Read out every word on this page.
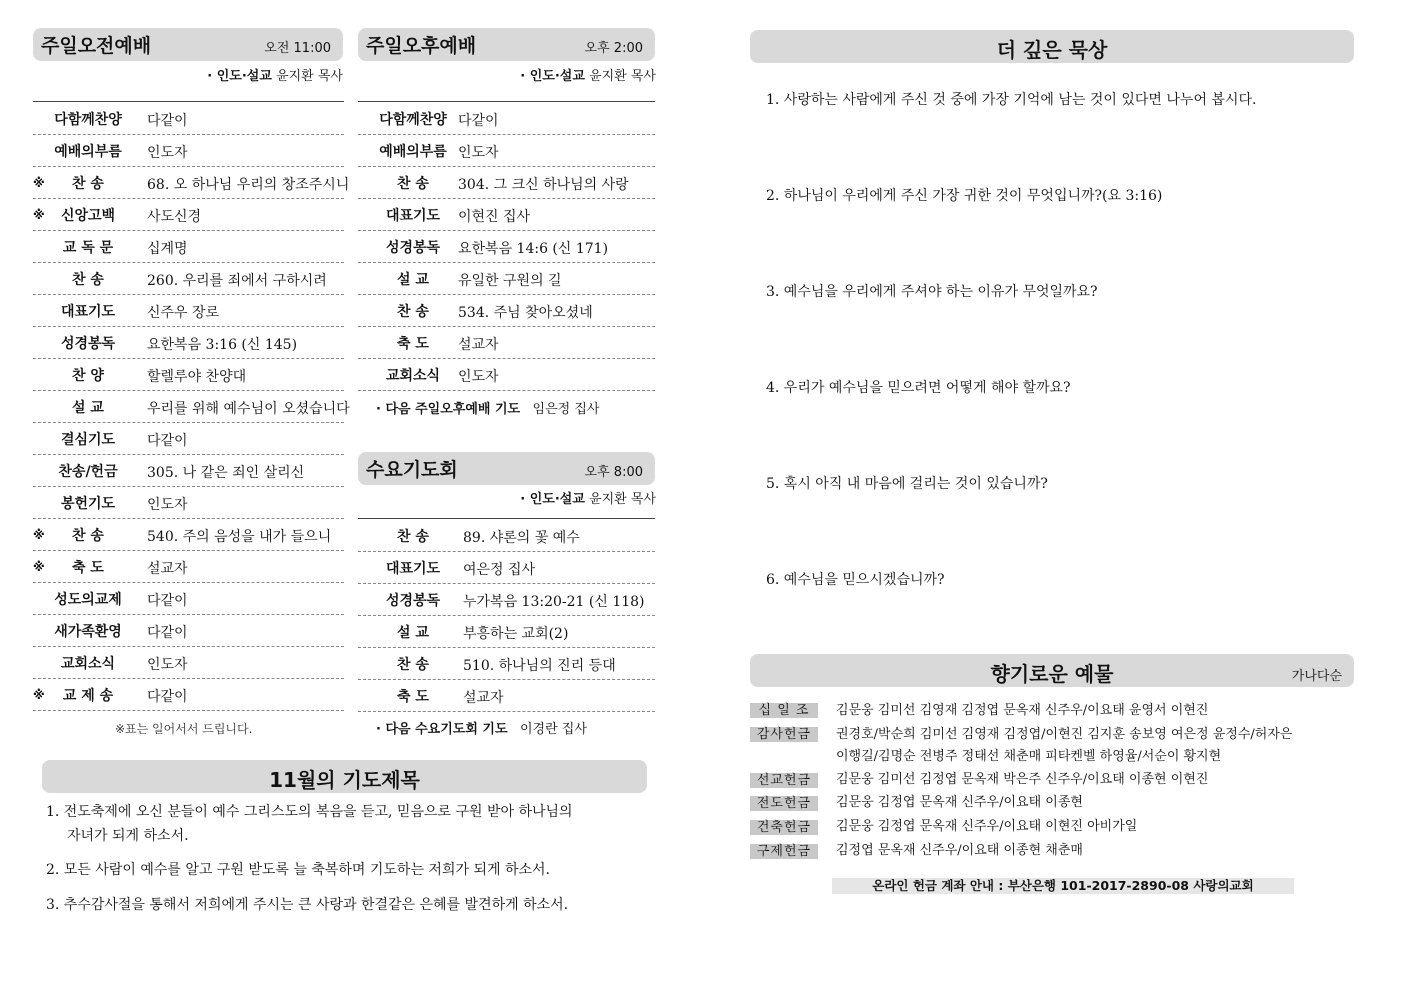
주일오전예배	오전 11:00
· 인도·설교 윤지환 목사
다함께찬양	다같이
예배의부름	인도자
※	찬 송	68. 오 하나님 우리의 창조주시니
※	신앙고백	사도신경
교 독 문	십계명
찬 송	260. 우리를 죄에서 구하시려
대표기도	신주우 장로
성경봉독	요한복음 3:16 (신 145)
찬 양	할렐루야 찬양대
설 교	우리를 위해 예수님이 오셨습니다
결심기도	다같이
찬송/헌금	305. 나 같은 죄인 살리신
봉헌기도	인도자
※	찬 송	540. 주의 음성을 내가 들으니
※	축 도	설교자
성도의교제	다같이
새가족환영	다같이
교회소식	인도자
※	교 제 송	다같이
※표는 일어서서 드립니다.
주일오후예배	오후 2:00
· 인도·설교 윤지환 목사
다함께찬양 다같이
예배의부름 인도자
찬 송	304. 그 크신 하나님의 사랑
대표기도	이현진 집사
성경봉독	요한복음 14:6 (신 171)
설 교	유일한 구원의 길
찬 송	534. 주님 찾아오셨네
축 도	설교자
교회소식	인도자
· 다음 주일오후예배 기도 임은정 집사
수요기도회	오후 8:00
· 인도·설교 윤지환 목사
찬 송	89. 샤론의 꽃 예수
대표기도	여은정 집사
성경봉독	누가복음 13:20-21 (신 118)
설 교	부흥하는 교회(2)
찬 송	510. 하나님의 진리 등대
축 도	설교자
· 다음 수요기도회 기도 이경란 집사
11월의 기도제목
1. 전도축제에 오신 분들이 예수 그리스도의 복음을 듣고, 믿음으로 구원 받아 하나님의
자녀가 되게 하소서.
2. 모든 사람이 예수를 알고 구원 받도록 늘 축복하며 기도하는 저희가 되게 하소서.
3. 추수감사절을 통해서 저희에게 주시는 큰 사랑과 한결같은 은혜를 발견하게 하소서.
더 깊은 묵상
1. 사랑하는 사람에게 주신 것 중에 가장 기억에 남는 것이 있다면 나누어 봅시다.
2. 하나님이 우리에게 주신 가장 귀한 것이 무엇입니까?(요 3:16)
3. 예수님을 우리에게 주셔야 하는 이유가 무엇일까요?
4. 우리가 예수님을 믿으려면 어떻게 해야 할까요?
5. 혹시 아직 내 마음에 걸리는 것이 있습니까?
6. 예수님을 믿으시겠습니까?
향기로운 예물	가나다순
십 일 조	김문웅 김미선 김영재 김정엽 문옥재 신주우/이요태 윤영서 이현진
감사헌금	권경호/박순희 김미선 김영재 김정엽/이현진 김지훈 송보영 여은정 윤정수/허자은
이행길/김명순 전병주 정태선 채춘매 피타켄벨 하영율/서순이 황지현
선교헌금	김문웅 김미선 김정엽 문옥재 박은주 신주우/이요태 이종현 이현진
전도헌금	김문웅 김정엽 문옥재 신주우/이요태 이종현
건축헌금	김문웅 김정엽 문옥재 신주우/이요태 이현진 아비가일
구제헌금	김정엽 문옥재 신주우/이요태 이종현 채춘매
온라인 헌금 계좌 안내 : 부산은행 101-2017-2890-08 사랑의교회
